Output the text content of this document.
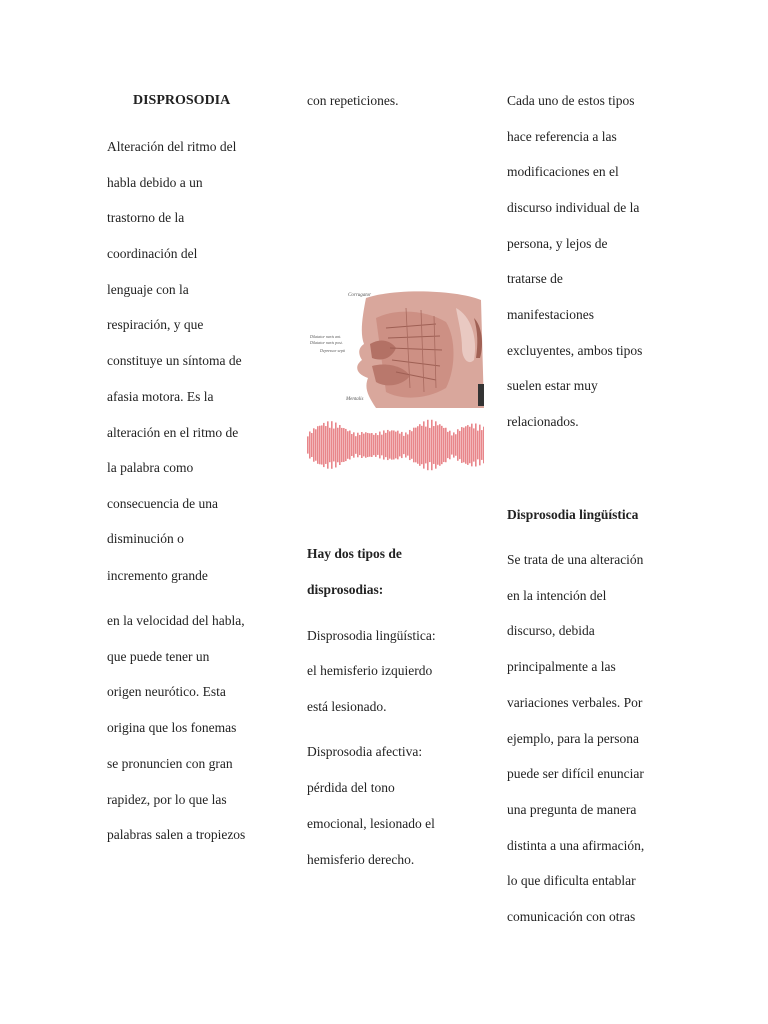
DISPROSODIA
Alteración del ritmo del
habla debido a un
trastorno de la
coordinación del
lenguaje con la
respiración, y que
constituye un síntoma de
afasia motora. Es la
alteración en el ritmo de
la palabra como
consecuencia de una
disminución o
incremento grande
en la velocidad del habla,
que puede tener un
origen neurótico. Esta
origina que los fonemas
se pronuncien con gran
rapidez, por lo que las
palabras salen a tropiezos
con repeticiones.
Corrugator
Dilatator naris ant.
Dilatator naris post.
Depressor septi
Mentalis
Hay dos tipos de
disprosodias:
Disprosodia lingüística:
el hemisferio izquierdo
está lesionado.
Disprosodia afectiva:
pérdida del tono
emocional, lesionado el
hemisferio derecho.
Cada uno de estos tipos
hace referencia a las
modificaciones en el
discurso individual de la
persona, y lejos de
tratarse de
manifestaciones
excluyentes, ambos tipos
suelen estar muy
relacionados.
Disprosodia lingüística
Se trata de una alteración
en la intención del
discurso, debida
principalmente a las
variaciones verbales. Por
ejemplo, para la persona
puede ser difícil enunciar
una pregunta de manera
distinta a una afirmación,
lo que dificulta entablar
comunicación con otras
